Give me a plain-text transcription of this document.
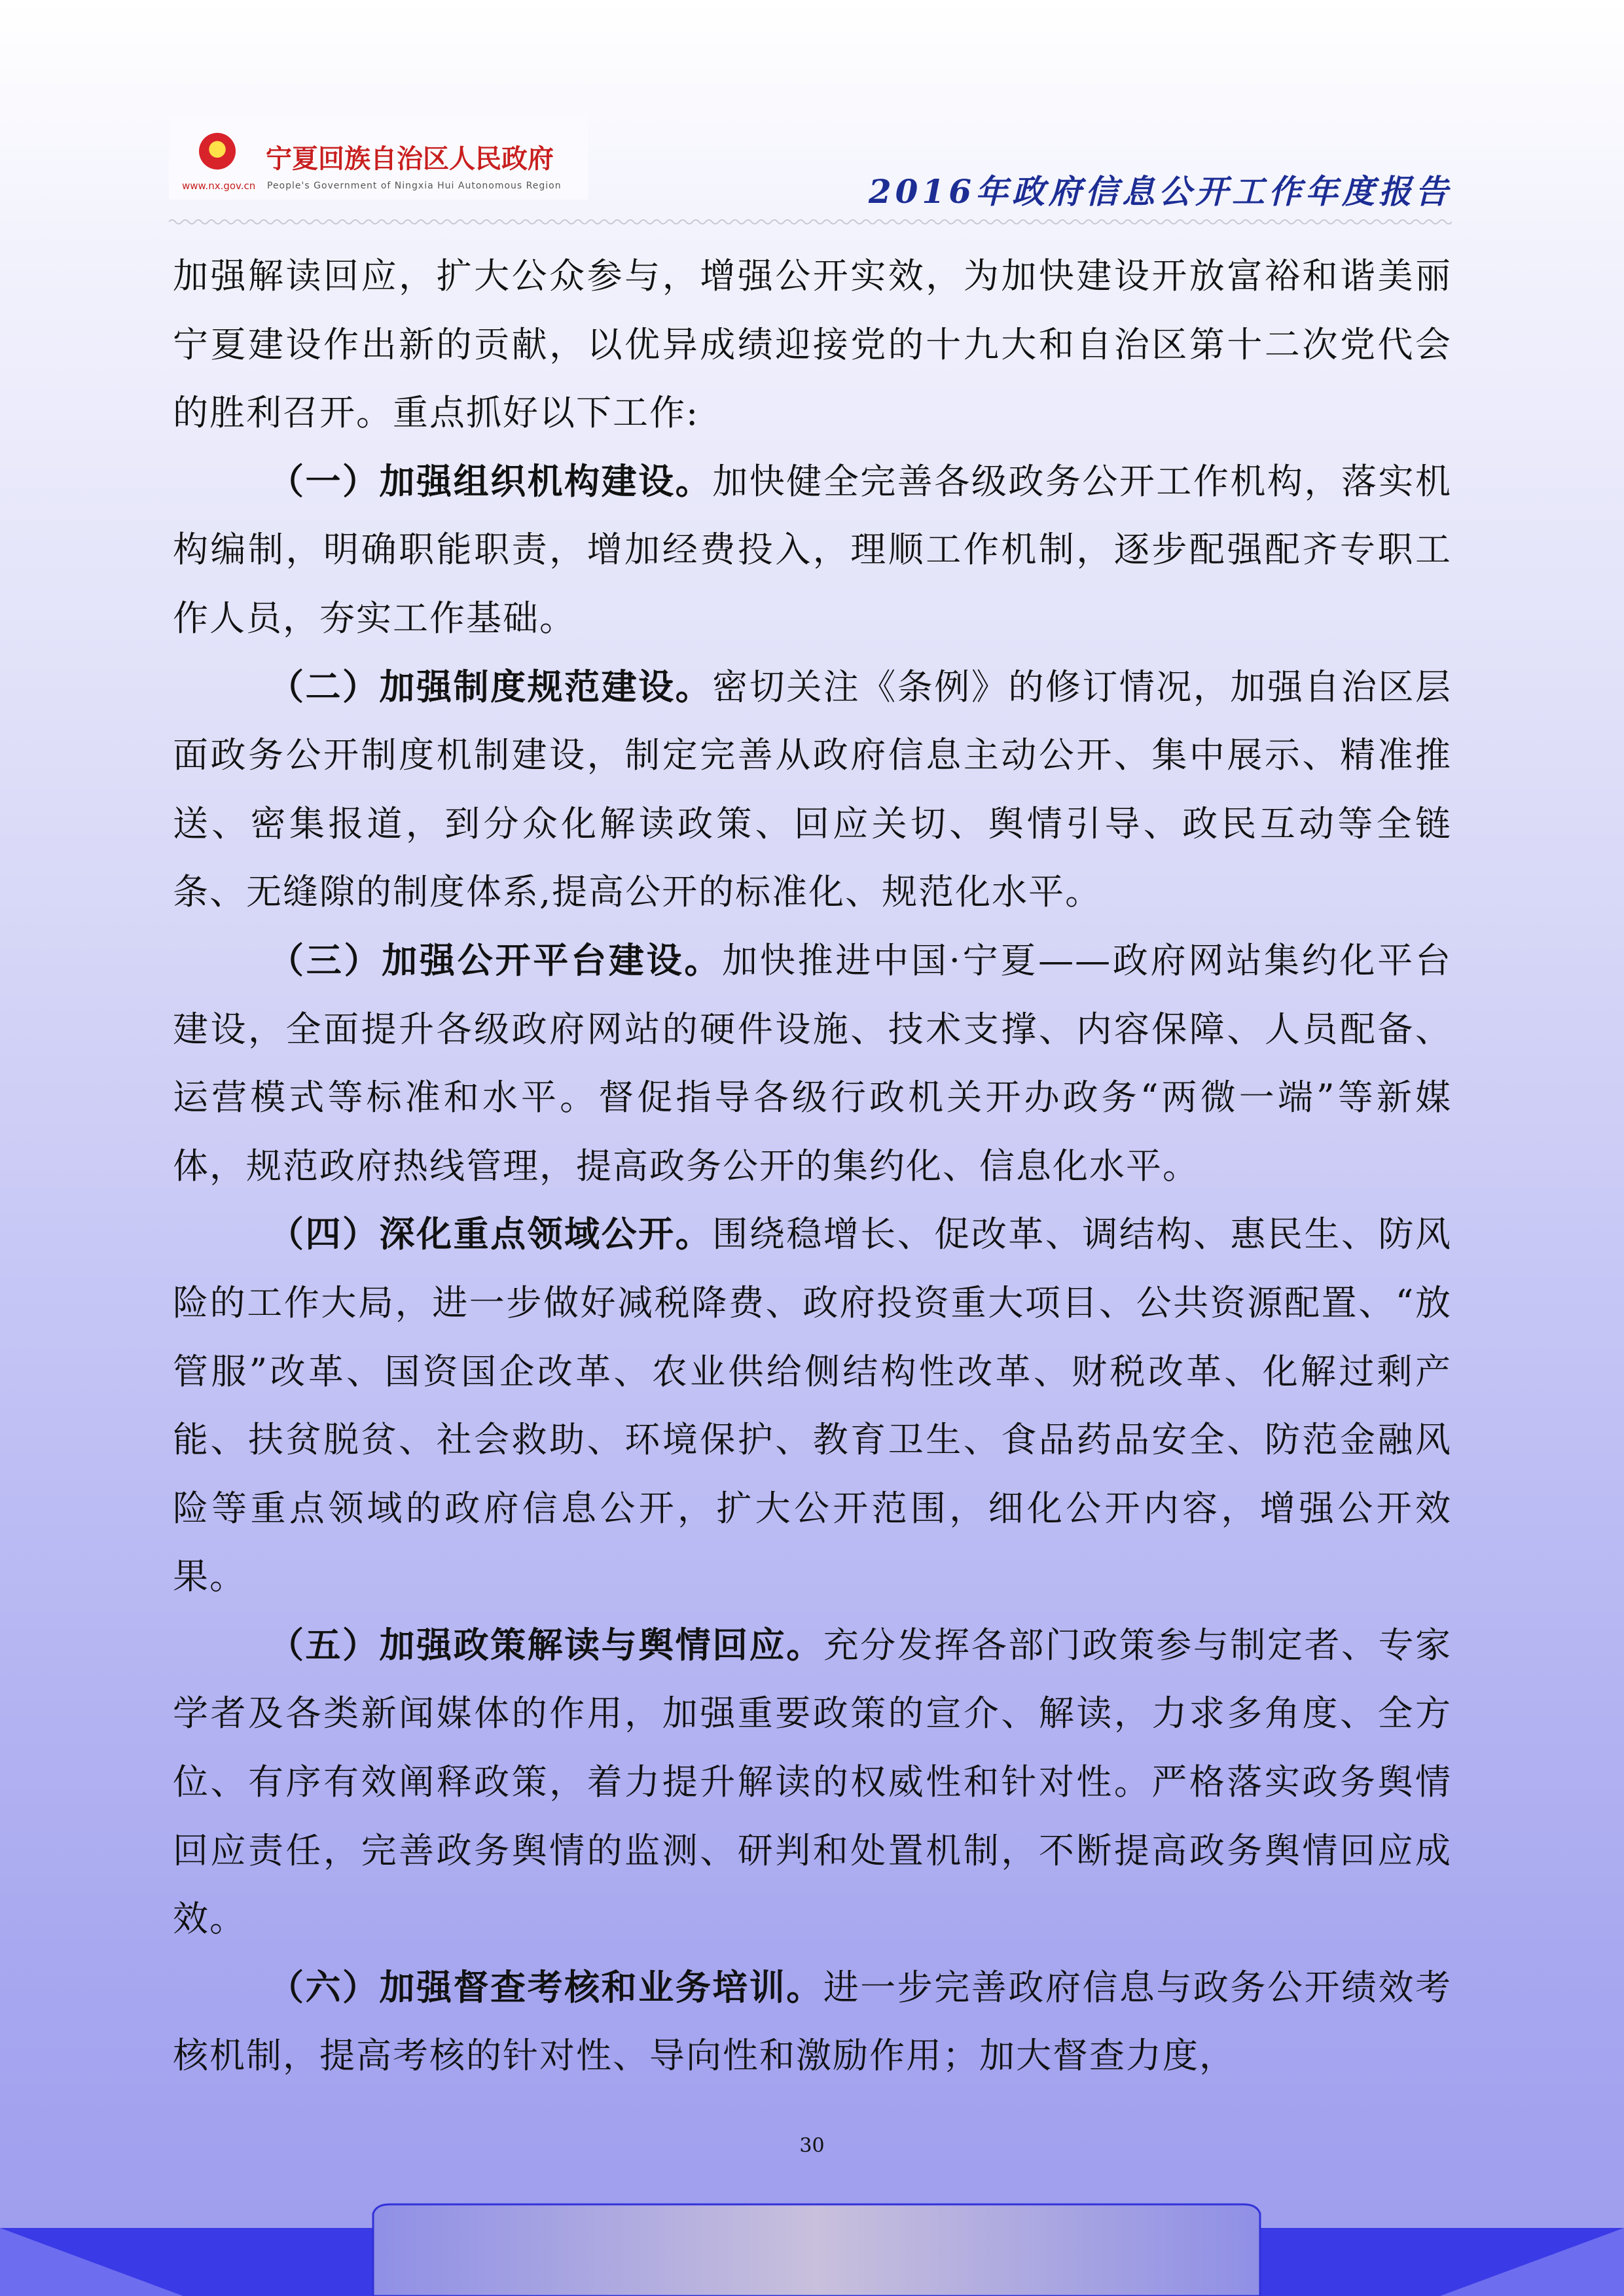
宁夏回族自治区人民政府
www.nx.gov.cn People's Government of Ningxia Hui Autonomous Region	2016年政府信息公开工作年度报告

加强解读回应，扩大公众参与，增强公开实效，为加快建设开放富裕和谐美丽宁夏建设作出新的贡献，以优异成绩迎接党的十九大和自治区第十二次党代会的胜利召开。重点抓好以下工作:

（一）加强组织机构建设。加快健全完善各级政务公开工作机构，落实机构编制，明确职能职责，增加经费投入，理顺工作机制，逐步配强配齐专职工作人员，夯实工作基础。

（二）加强制度规范建设。密切关注《条例》的修订情况，加强自治区层面政务公开制度机制建设，制定完善从政府信息主动公开、集中展示、精准推送、密集报道，到分众化解读政策、回应关切、舆情引导、政民互动等全链条、无缝隙的制度体系,提高公开的标准化、规范化水平。

（三）加强公开平台建设。加快推进中国·宁夏——政府网站集约化平台建设，全面提升各级政府网站的硬件设施、技术支撑、内容保障、人员配备、运营模式等标准和水平。督促指导各级行政机关开办政务“两微一端”等新媒体，规范政府热线管理，提高政务公开的集约化、信息化水平。

（四）深化重点领域公开。围绕稳增长、促改革、调结构、惠民生、防风险的工作大局，进一步做好减税降费、政府投资重大项目、公共资源配置、“放管服”改革、国资国企改革、农业供给侧结构性改革、财税改革、化解过剩产能、扶贫脱贫、社会救助、环境保护、教育卫生、食品药品安全、防范金融风险等重点领域的政府信息公开，扩大公开范围，细化公开内容，增强公开效果。

（五）加强政策解读与舆情回应。充分发挥各部门政策参与制定者、专家学者及各类新闻媒体的作用，加强重要政策的宣介、解读，力求多角度、全方位、有序有效阐释政策，着力提升解读的权威性和针对性。严格落实政务舆情回应责任，完善政务舆情的监测、研判和处置机制，不断提高政务舆情回应成效。

（六）加强督查考核和业务培训。进一步完善政府信息与政务公开绩效考核机制，提高考核的针对性、导向性和激励作用；加大督查力度，

30
